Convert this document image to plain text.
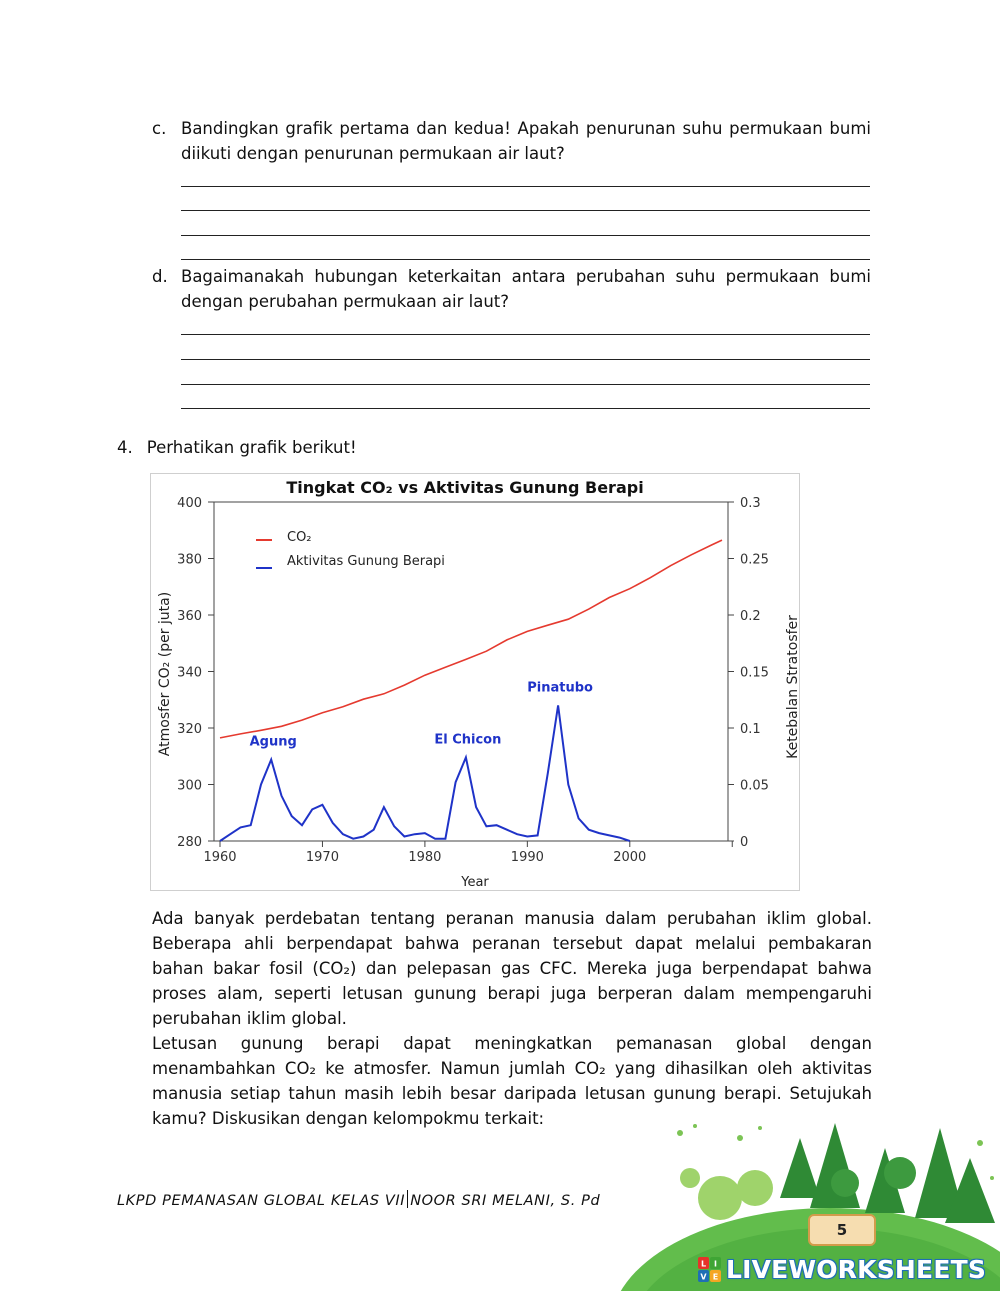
c. Bandingkan grafik pertama dan kedua! Apakah penurunan suhu permukaan bumi diikuti dengan penurunan permukaan air laut?
d. Bagaimanakah hubungan keterkaitan antara perubahan suhu permukaan bumi dengan perubahan permukaan air laut?
4. Perhatikan grafik berikut!
Tingkat CO₂ vs Aktivitas Gunung Berapi
280
300
320
340
360
380
400
0
0.05
0.1
0.15
0.2
0.25
0.3
1960	1970	1980	1990	2000
Atmosfer CO₂ (per juta)	Ketebalan Stratosfer
Year
Agung	El Chicon
Pinatubo
CO₂
Aktivitas Gunung Berapi
Ada banyak perdebatan tentang peranan manusia dalam perubahan iklim global.
Beberapa ahli berpendapat bahwa peranan tersebut dapat melalui pembakaran
bahan bakar fosil (CO₂) dan pelepasan gas CFC. Mereka juga berpendapat bahwa
proses alam, seperti letusan gunung berapi juga berperan dalam mempengaruhi
perubahan iklim global.
Letusan gunung berapi dapat meningkatkan pemanasan global dengan
menambahkan CO₂ ke atmosfer. Namun jumlah CO₂ yang dihasilkan oleh aktivitas
manusia setiap tahun masih lebih besar daripada letusan gunung berapi. Setujukah
kamu? Diskusikan dengan kelompokmu terkait:
LKPD PEMANASAN GLOBAL KELAS VII NOOR SRI MELANI, S. Pd
5
L I
V E LIVEWORKSHEETS
